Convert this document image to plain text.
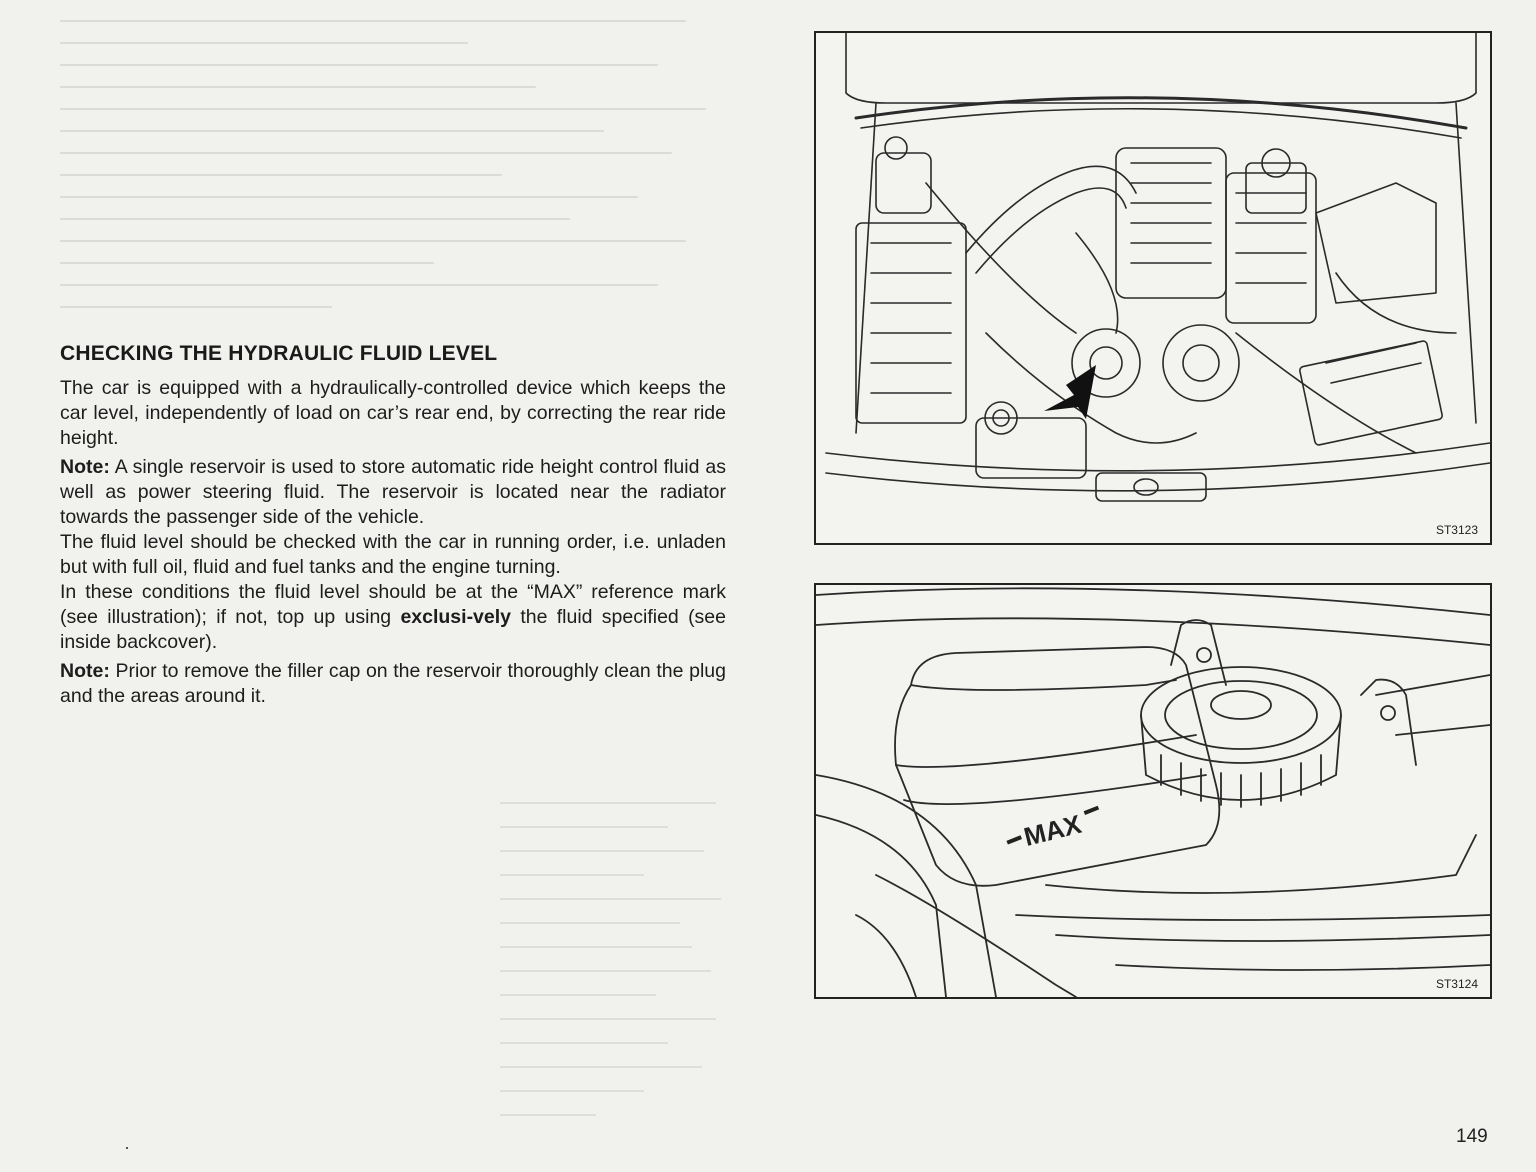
CHECKING THE HYDRAULIC FLUID LEVEL

The car is equipped with a hydraulically-controlled device which keeps the car level, independently of load on car’s rear end, by correcting the rear ride height.

Note: A single reservoir is used to store automatic ride height control fluid as well as power steering fluid. The reservoir is located near the radiator towards the passenger side of the vehicle.

The fluid level should be checked with the car in running order, i.e. unladen but with full oil, fluid and fuel tanks and the engine turning.

In these conditions the fluid level should be at the “MAX” reference mark (see illustration); if not, top up using exclusi-vely the fluid specified (see inside backcover).

Note: Prior to remove the filler cap on the reservoir thoroughly clean the plug and the areas around it.

ST3123
MAX
ST3124
149
